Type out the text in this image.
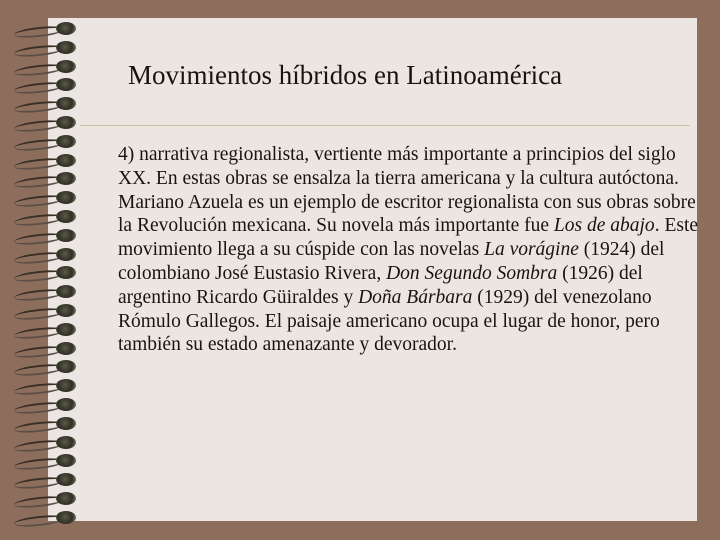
Movimientos híbridos en Latinoamérica
4) narrativa regionalista, vertiente más importante a principios del siglo XX. En estas obras se ensalza la tierra americana y la cultura autóctona. Mariano Azuela es un ejemplo de escritor regionalista con sus obras sobre la Revolución mexicana. Su novela más importante fue Los de abajo. Este movimiento llega a su cúspide con las novelas La vorágine (1924) del colombiano José Eustasio Rivera, Don Segundo Sombra (1926) del argentino Ricardo Güiraldes y Doña Bárbara (1929) del venezolano Rómulo Gallegos. El paisaje americano ocupa el lugar de honor, pero también su estado amenazante y devorador.
